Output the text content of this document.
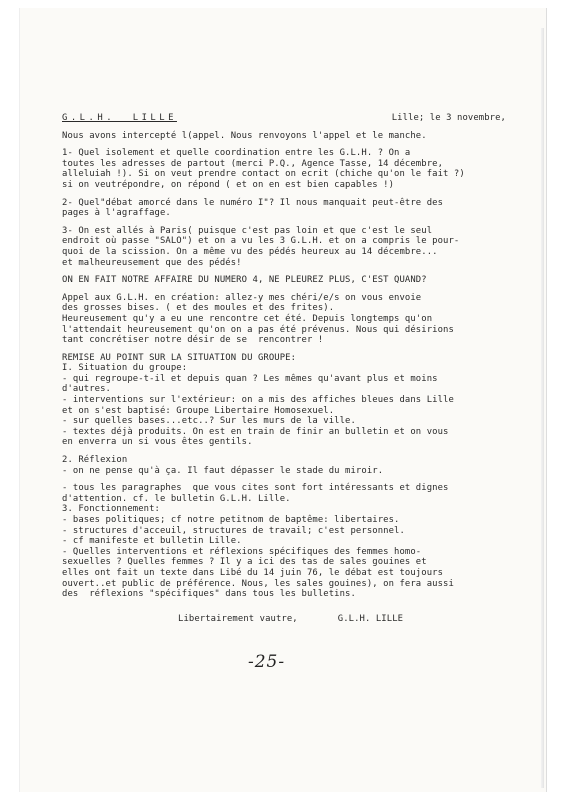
G.L.H.  LILLE	Lille; le 3 novembre,
Nous avons intercepté l(appel. Nous renvoyons l'appel et le manche.
1- Quel isolement et quelle coordination entre les G.L.H. ? On a
toutes les adresses de partout (merci P.Q., Agence Tasse, 14 décembre,
alleluiah !). Si on veut prendre contact on ecrit (chiche qu'on le fait ?)
si on veutrépondre, on répond ( et on en est bien capables !)
2- Quel"débat amorcé dans le numéro I"? Il nous manquait peut-être des
pages à l'agraffage.
3- On est allés à Paris( puisque c'est pas loin et que c'est le seul
endroit où passe "SALO") et on a vu les 3 G.L.H. et on a compris le pour-
quoi de la scission. On a même vu des pédés heureux au 14 décembre...
et malheureusement que des pédés!
ON EN FAIT NOTRE AFFAIRE DU NUMERO 4, NE PLEUREZ PLUS, C'EST QUAND?
Appel aux G.L.H. en création: allez-y mes chéri/e/s on vous envoie
des grosses bises. ( et des moules et des frites).
Heureusement qu'y a eu une rencontre cet été. Depuis longtemps qu'on
l'attendait heureusement qu'on on a pas été prévenus. Nous qui désirions
tant concrétiser notre désir de se  rencontrer !
REMISE AU POINT SUR LA SITUATION DU GROUPE:
I. Situation du groupe:
- qui regroupe-t-il et depuis quan ? Les mêmes qu'avant plus et moins
d'autres.
- interventions sur l'extérieur: on a mis des affiches bleues dans Lille
et on s'est baptisé: Groupe Libertaire Homosexuel.
- sur quelles bases...etc..? Sur les murs de la ville.
- textes déjà produits. On est en train de finir an bulletin et on vous
en enverra un si vous êtes gentils.
2. Réflexion
- on ne pense qu'à ça. Il faut dépasser le stade du miroir.
- tous les paragraphes  que vous cites sont fort intéressants et dignes
d'attention. cf. le bulletin G.L.H. Lille.
3. Fonctionnement:
- bases politiques; cf notre petitnom de baptême: libertaires.
- structures d'acceuil, structures de travail; c'est personnel.
- cf manifeste et bulletin Lille.
- Quelles interventions et réflexions spécifiques des femmes homo-
sexuelles ? Quelles femmes ? Il y a ici des tas de sales gouines et
elles ont fait un texte dans Libé du 14 juin 76, le débat est toujours
ouvert..et public de préférence. Nous, les sales gouines), on fera aussi
des  réflexions "spécifiques" dans tous les bulletins.
Libertairement vautre,	G.L.H. LILLE
-25-
